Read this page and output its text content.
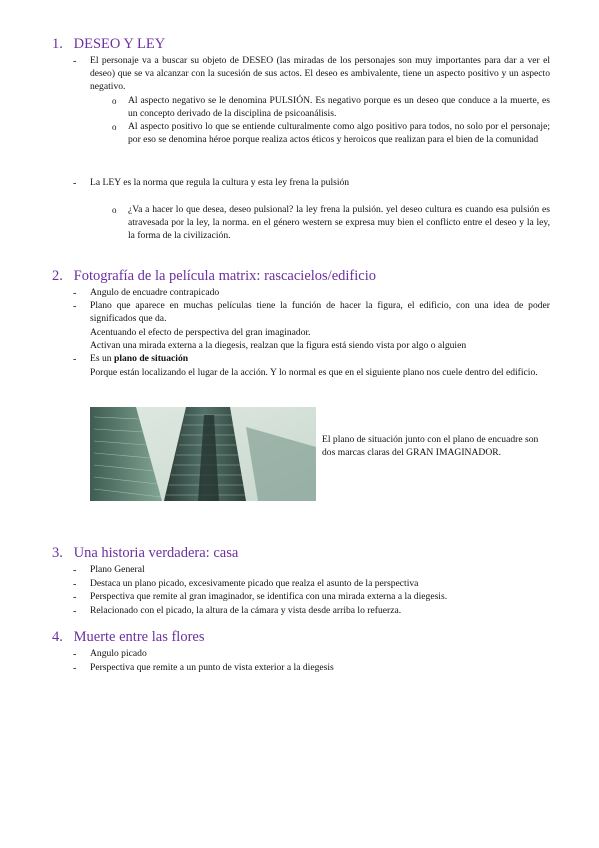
1. DESEO Y LEY
- El personaje va a buscar su objeto de DESEO (las miradas de los personajes son muy importantes para dar a ver el deseo) que se va alcanzar con la sucesión de sus actos. El deseo es ambivalente, tiene un aspecto positivo y un aspecto negativo.
o Al aspecto negativo se le denomina PULSIÓN. Es negativo porque es un deseo que conduce a la muerte, es un concepto derivado de la disciplina de psicoanálisis.
o Al aspecto positivo lo que se entiende culturalmente como algo positivo para todos, no solo por el personaje; por eso se denomina héroe porque realiza actos éticos y heroicos que realizan para el bien de la comunidad
- La LEY es la norma que regula la cultura y esta ley frena la pulsión
o ¿Va a hacer lo que desea, deseo pulsional? la ley frena la pulsión. yel deseo cultura es cuando esa pulsión es atravesada por la ley, la norma. en el género western se expresa muy bien el conflicto entre el deseo y la ley, la forma de la civilización.
2. Fotografía de la película matrix: rascacielos/edificio
- Angulo de encuadre contrapicado
- Plano que aparece en muchas películas tiene la función de hacer la figura, el edificio, con una idea de poder significados que da.
Acentuando el efecto de perspectiva del gran imaginador.
Activan una mirada externa a la diegesis, realzan que la figura está siendo vista por algo o alguien
- Es un plano de situación
Porque están localizando el lugar de la acción. Y lo normal es que en el siguiente plano nos cuele dentro del edificio.
El plano de situación junto con el plano de encuadre son dos marcas claras del GRAN IMAGINADOR.
3. Una historia verdadera: casa
- Plano General
- Destaca un plano picado, excesivamente picado que realza el asunto de la perspectiva
- Perspectiva que remite al gran imaginador, se identifica con una mirada externa a la diegesis.
- Relacionado con el picado, la altura de la cámara y vista desde arriba lo refuerza.
4. Muerte entre las flores
- Angulo picado
- Perspectiva que remite a un punto de vista exterior a la diegesis
